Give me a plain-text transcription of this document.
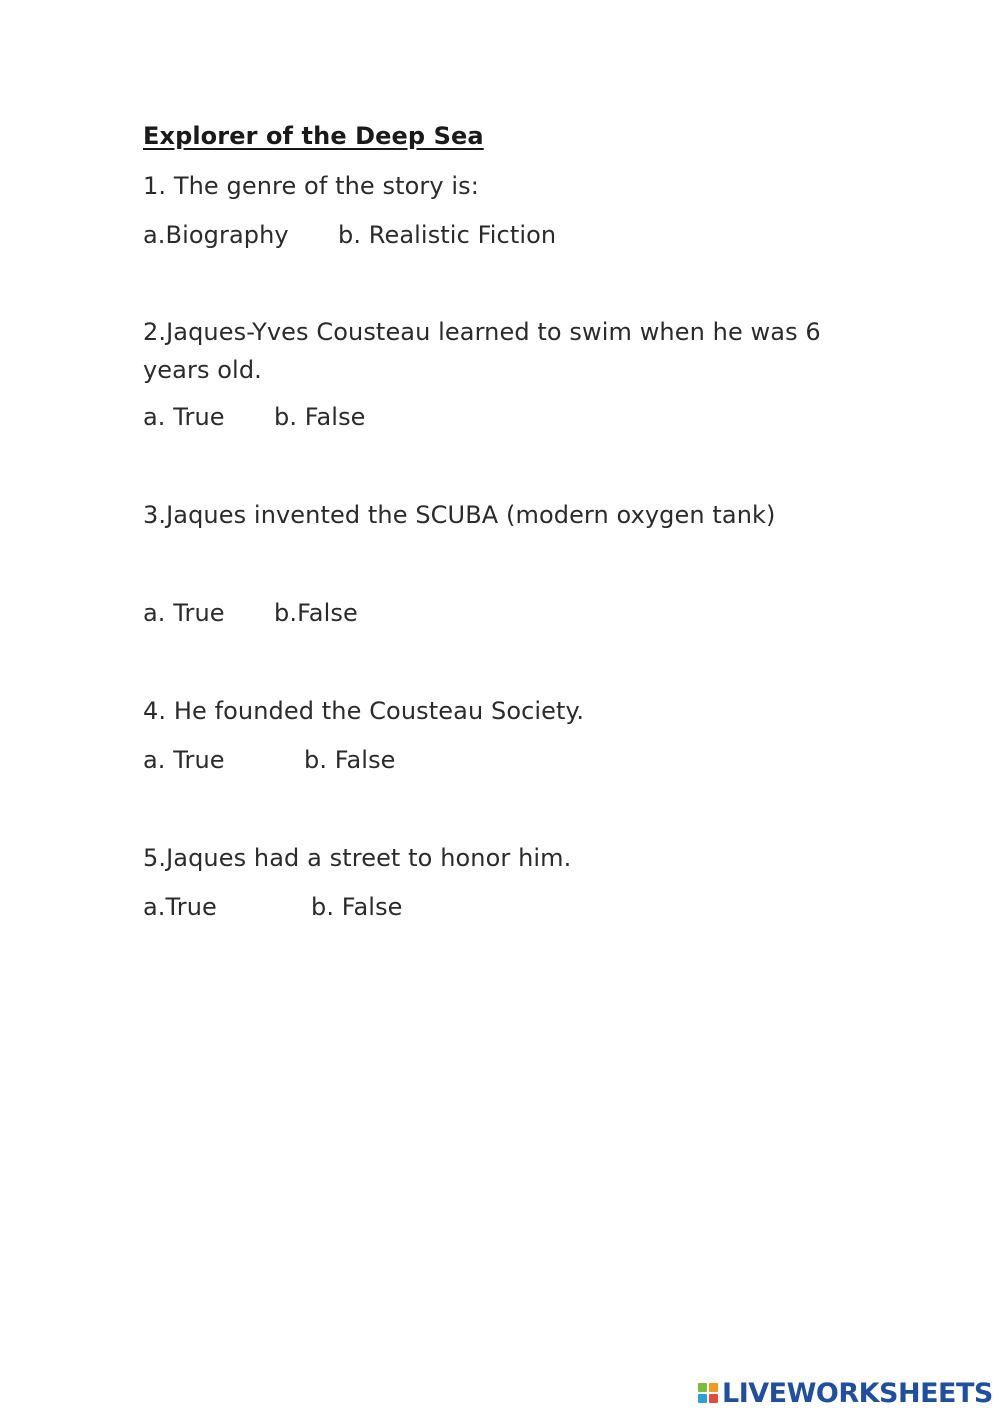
Explorer of the Deep Sea
1. The genre of the story is:
a.Biography b. Realistic Fiction
2.Jaques-Yves Cousteau learned to swim when he was 6 years old.
a. True b. False
3.Jaques invented the SCUBA (modern oxygen tank)
a. True b.False
4. He founded the Cousteau Society.
a. True	b. False
5.Jaques had a street to honor him.
a.True	b. False
LIVEWORKSHEETS
